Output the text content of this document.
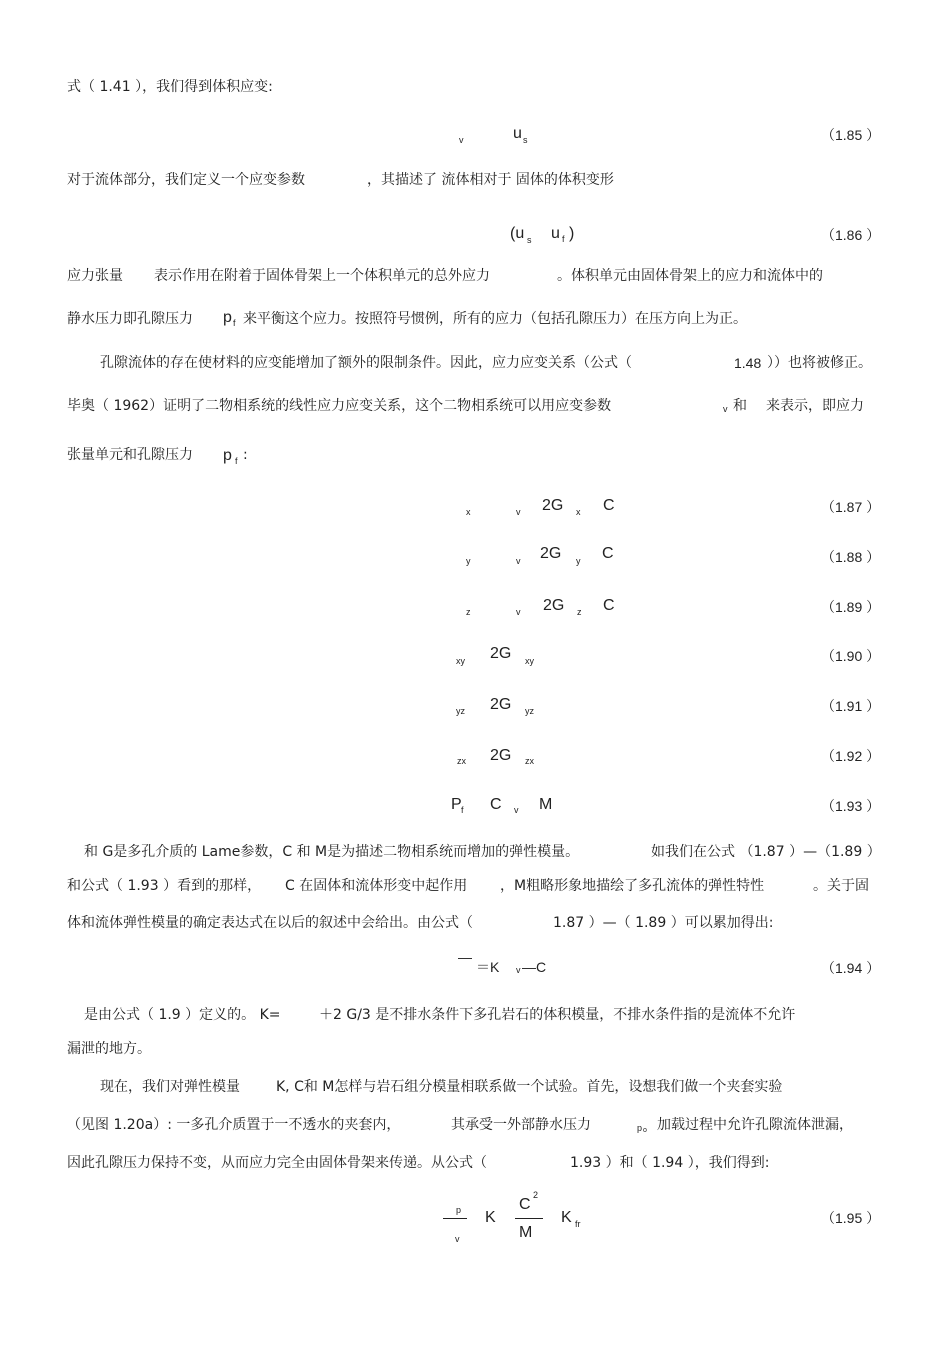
式（ 1.41 ），我们得到体积应变:
v	u s	（1.85 ）
对于流体部分，我们定义一个应变参数	，其描述了 流体相对于 固体的体积变形
(u s u f )	（1.86 ）
应力张量 表示作用在附着于固体骨架上一个体积单元的总外应力	。体积单元由固体骨架上的应力和流体中的
静水压力即孔隙压力 p f 来平衡这个应力。按照符号惯例，所有的应力（包括孔隙压力）在压方向上为正。
孔隙流体的存在使材料的应变能增加了额外的限制条件。因此，应力应变关系（公式（	1.48 ））也将被修正。
毕奥（ 1962）证明了二物相系统的线性应力应变关系，这个二物相系统可以用应变参数	v 和 来表示，即应力
张量单元和孔隙压力 p f :
x	v 2G x C	（1.87 ）
y	v 2G y C	（1.88 ）
z	v 2G z C	（1.89 ）
xy 2G xy	（1.90 ）
yz 2G yz	（1.91 ）
zx 2G zx	（1.92 ）
P f C v M	（1.93 ）
和 G是多孔介质的 Lame参数，C 和 M是为描述二物相系统而增加的弹性模量。	如我们在公式 （1.87 ）—（1.89 ）
和公式（ 1.93 ）看到的那样， C 在固体和流体形变中起作用 ，M粗略形象地描绘了多孔流体的弹性特性	。关于固
体和流体弹性模量的确定表达式在以后的叙述中会给出。由公式（	1.87 ）—（ 1.89 ）可以累加得出:
—
＝K v —C	（1.94 ）
是由公式（ 1.9 ）定义的。 K=	＋2 G/3 是不排水条件下多孔岩石的体积模量，不排水条件指的是流体不允许
漏泄的地方。
现在，我们对弹性模量	K, C和 M怎样与岩石组分模量相联系做一个试验。首先，设想我们做一个夹套实验
（见图 1.20a）: 一多孔介质置于一不透水的夹套内，	其承受一外部静水压力	p o 加载过程中允许孔隙流体泄漏，
因此孔隙压力保持不变，从而应力完全由固体骨架来传递。从公式（	1.93 ）和（ 1.94 ），我们得到:
p
v
K
C
2
M
K fr	（1.95 ）
